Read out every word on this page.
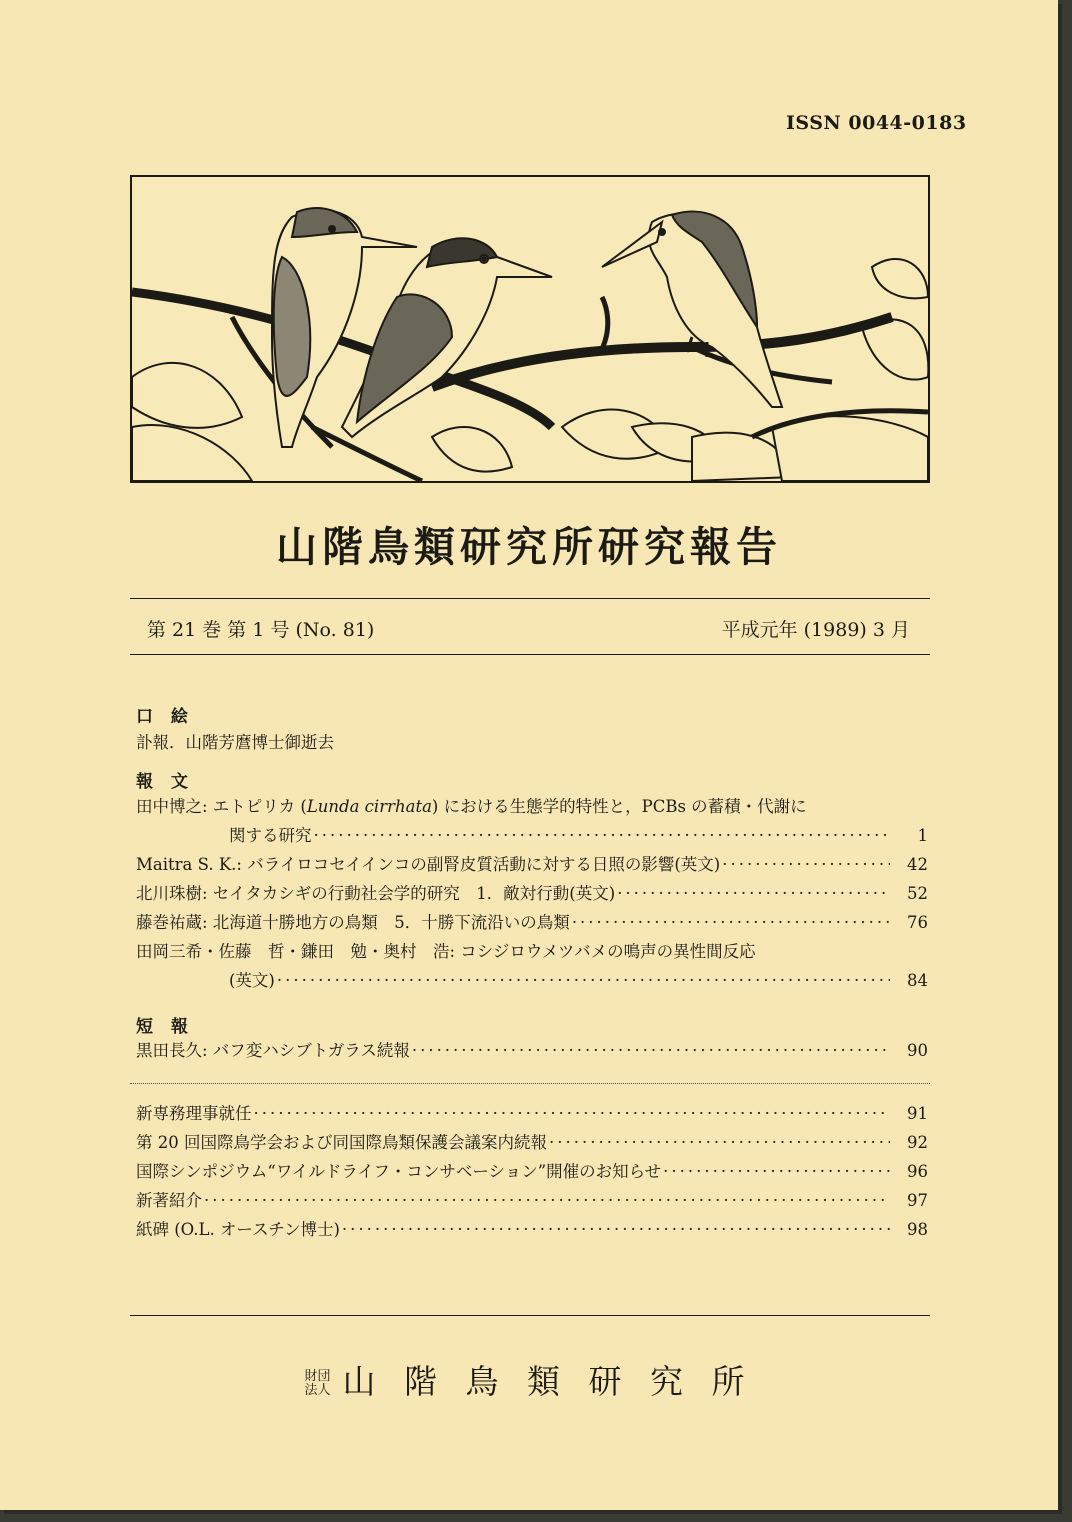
ISSN 0044-0183
山階鳥類研究所研究報告
第 21 巻 第 1 号 (No. 81)	平成元年 (1989) 3 月
口 絵
訃報．山階芳麿博士御逝去
報 文
田中博之: エトピリカ (Lunda cirrhata) における生態学的特性と，PCBs の蓄積・代謝に
関する研究 ·····	1
Maitra S. K.: バライロコセイインコの副腎皮質活動に対する日照の影響(英文) ·····	42
北川珠樹: セイタカシギの行動社会学的研究　1．敵対行動(英文) ·····	52
藤巻祐蔵: 北海道十勝地方の鳥類　5．十勝下流沿いの鳥類 ·····	76
田岡三希・佐藤　哲・鎌田　勉・奥村　浩: コシジロウメツバメの鳴声の異性間反応
(英文) ·····	84
短 報
黒田長久: バフ変ハシブトガラス続報 ·····	90
新専務理事就任 ·····	91
第 20 回国際鳥学会および同国際鳥類保護会議案内続報 ·····	92
国際シンポジウム“ワイルドライフ・コンサベーション”開催のお知らせ ·····	96
新著紹介 ·····	97
紙碑 (O.L. オースチン博士) ·····	98
財団
法人 山 階 鳥 類 研 究 所
